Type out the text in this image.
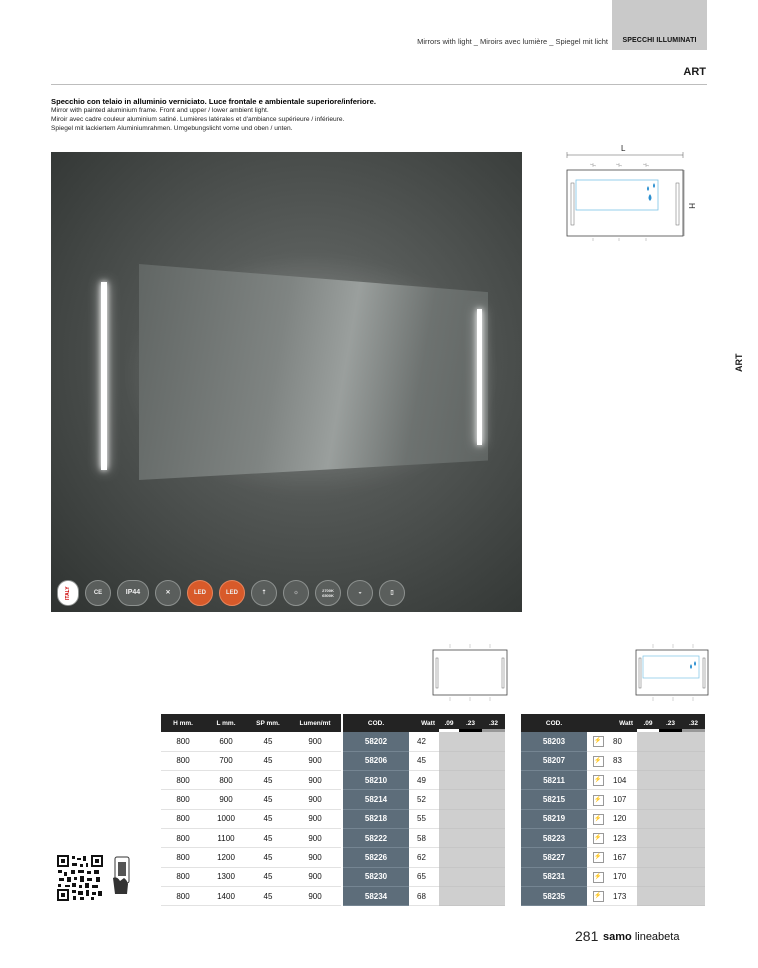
Mirrors with light _ Miroirs avec lumière _ Spiegel mit licht	SPECCHI ILLUMINATI
ART
Specchio con telaio in alluminio verniciato. Luce frontale e ambientale superiore/inferiore.
Mirror with painted aluminium frame. Front and upper / lower ambient light.
Miroir avec cadre couleur aluminium satiné. Lumières latérales et d'ambiance supérieure / inférieure.
Spiegel mit lackiertem Aluminiumrahmen. Umgebungslicht vorne und oben / unten.
ITALY	CE	IP44	✕	LED	LED	⇡	☼	2700K 6500K	◒	▯
L
H
ART
H mm.	L mm.	SP mm.	Lumen/mt
800	600	45	900
800	700	45	900
800	800	45	900
800	900	45	900
800	1000	45	900
800	1100	45	900
800	1200	45	900
800	1300	45	900
800	1400	45	900
COD.	Watt	.09	.23	.32

58202	42			
58206	45			
58210	49			
58214	52			
58218	55			
58222	58			
58226	62			
58230	65			
58234	68			
COD.		Watt	.09	.23	.32

58203	⚡	80			
58207	⚡	83			
58211	⚡	104			
58215	⚡	107			
58219	⚡	120			
58223	⚡	123			
58227	⚡	167			
58231	⚡	170			
58235	⚡	173			
281 samo lineabeta
